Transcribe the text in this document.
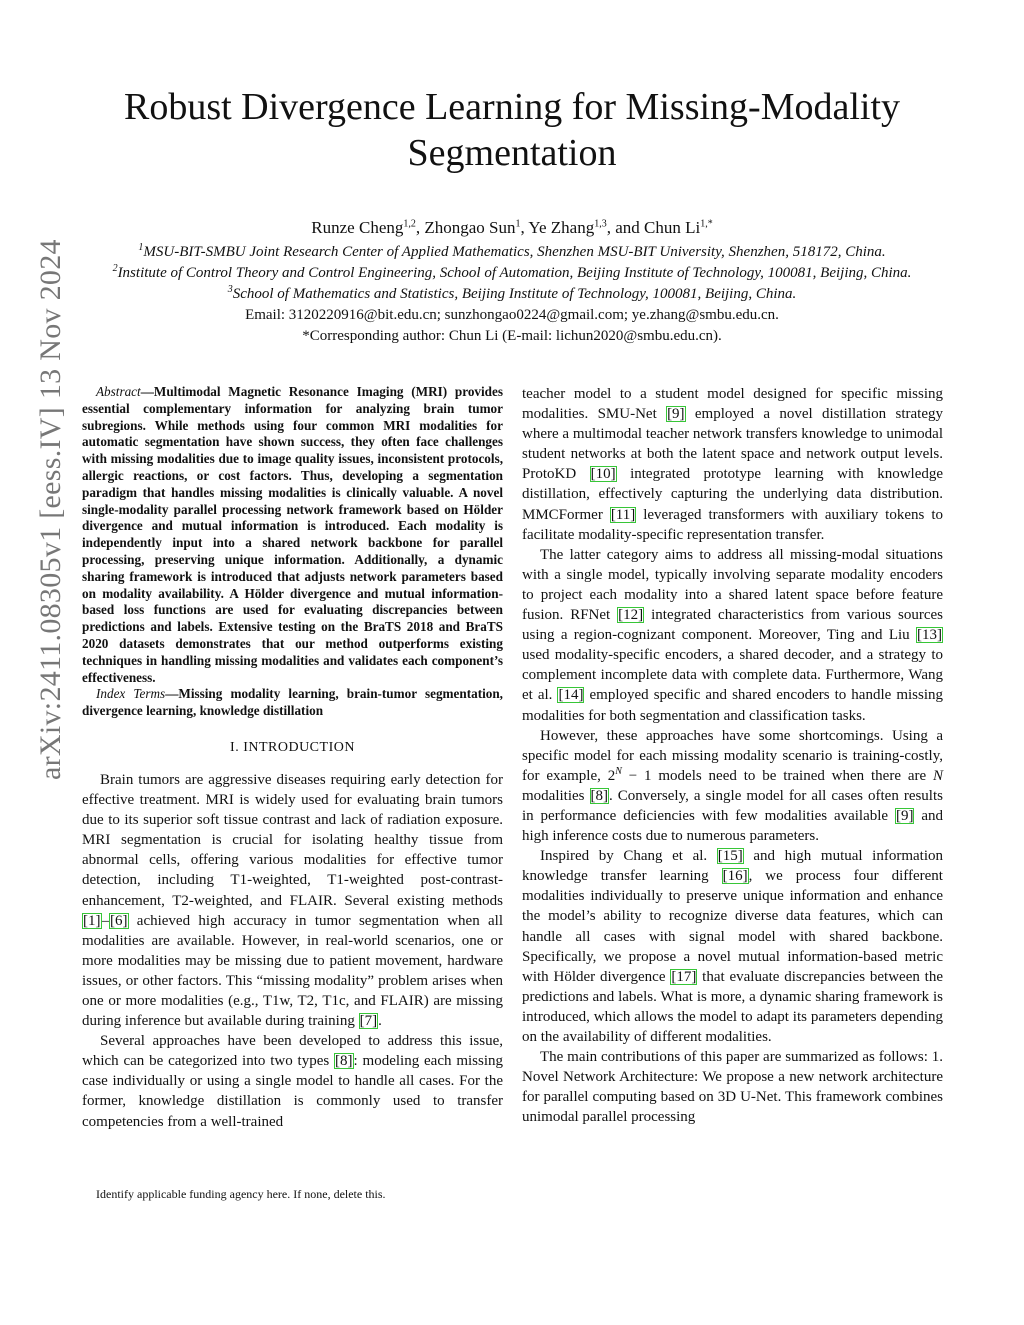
arXiv:2411.08305v1 [eess.IV] 13 Nov 2024
Robust Divergence Learning for Missing-Modality
Segmentation
Runze Cheng$^{1,2}$, Zhongao Sun$^1$, Ye Zhang$^{1,3}$, and Chun $Li^{1,*}$
$^1$MSU-BIT-SMBU Joint Research Center of Applied Mathematics, Shenzhen MSU-BIT University, Shenzhen, 518172, China.
$^2$Institute of Control Theory and Control Engineering, School of Automation, Beijing Institute of Technology, 100081, Beijing, China.
$^3$School of Mathematics and Statistics, Beijing Institute of Technology, 100081, Beijing, China.
Email: 3120220916@bit.edu.cn; sunzhongao0224@gmail.com; ye.zhang@smbu.edu.cn.
*Corresponding author: Chun Li (E-mail: lichun2020@smbu.edu.cn).

Abstract—Multimodal Magnetic Resonance Imaging (MRI) provides essential complementary information for analyzing brain tumor subregions. While methods using four common MRI modalities for automatic segmentation have shown success, they often face challenges with missing modalities due to image quality issues, inconsistent protocols, allergic reactions, or cost factors. Thus, developing a segmentation paradigm that handles missing modalities is clinically valuable. A novel single-modality parallel processing network framework based on Hölder divergence and mutual information is introduced. Each modality is independently input into a shared network backbone for parallel processing, preserving unique information. Additionally, a dynamic sharing framework is introduced that adjusts network parameters based on modality availability. A Hölder divergence and mutual information-based loss functions are used for evaluating discrepancies between predictions and labels. Extensive testing on the BraTS 2018 and BraTS 2020 datasets demonstrates that our method outperforms existing techniques in handling missing modalities and validates each component’s effectiveness.

Index Terms—Missing modality learning, brain-tumor segmentation, divergence learning, knowledge distillation

I. INTRODUCTION

Brain tumors are aggressive diseases requiring early detection for effective treatment. MRI is widely used for evaluating brain tumors due to its superior soft tissue contrast and lack of radiation exposure. MRI segmentation is crucial for isolating healthy tissue from abnormal cells, offering various modalities for effective tumor detection, including T1-weighted, T1-weighted post-contrast- enhancement, T2-weighted, and FLAIR. Several existing methods [1]–[6] achieved high accuracy in tumor segmentation when all modalities are available. However, in real-world scenarios, one or more modalities may be missing due to patient movement, hardware issues, or other factors. This “missing modality” problem arises when one or more modalities (e.g., T1w, T2, T1c, and FLAIR) are missing during inference but available during training [7].

Several approaches have been developed to address this issue, which can be categorized into two types [8]: modeling each missing case individually or using a single model to handle all cases. For the former, knowledge distillation is commonly used to transfer competencies from a well-trained

teacher model to a student model designed for specific missing modalities. SMU-Net [9] employed a novel distillation strategy where a multimodal teacher network transfers knowledge to unimodal student networks at both the latent space and network output levels. ProtoKD [10] integrated prototype learning with knowledge distillation, effectively capturing the underlying data distribution. MMCFormer [11] leveraged transformers with auxiliary tokens to facilitate modality-specific representation transfer.

The latter category aims to address all missing-modal situations with a single model, typically involving separate modality encoders to project each modality into a shared latent space before feature fusion. RFNet [12] integrated characteristics from various sources using a region-cognizant component. Moreover, Ting and Liu [13] used modality-specific encoders, a shared decoder, and a strategy to complement incomplete data with complete data. Furthermore, Wang et al. [14] employed specific and shared encoders to handle missing modalities for both segmentation and classification tasks.

However, these approaches have some shortcomings. Using a specific model for each missing modality scenario is training-costly, for example, $2^N - 1$ models need to be trained when there are N modalities [8]. Conversely, a single model for all cases often results in performance deficiencies with few modalities available [9] and high inference costs due to numerous parameters.

Inspired by Chang et al. [15] and high mutual information knowledge transfer learning [16], we process four different modalities individually to preserve unique information and enhance the model’s ability to recognize diverse data features, which can handle all cases with signal model with shared backbone. Specifically, we propose a novel mutual information-based metric with Hölder divergence [17] that evaluate discrepancies between the predictions and labels. What is more, a dynamic sharing framework is introduced, which allows the model to adapt its parameters depending on the availability of different modalities.

The main contributions of this paper are summarized as follows: 1. Novel Network Architecture: We propose a new network architecture for parallel computing based on 3D U-Net. This framework combines unimodal parallel processing

Identify applicable funding agency here. If none, delete this.
